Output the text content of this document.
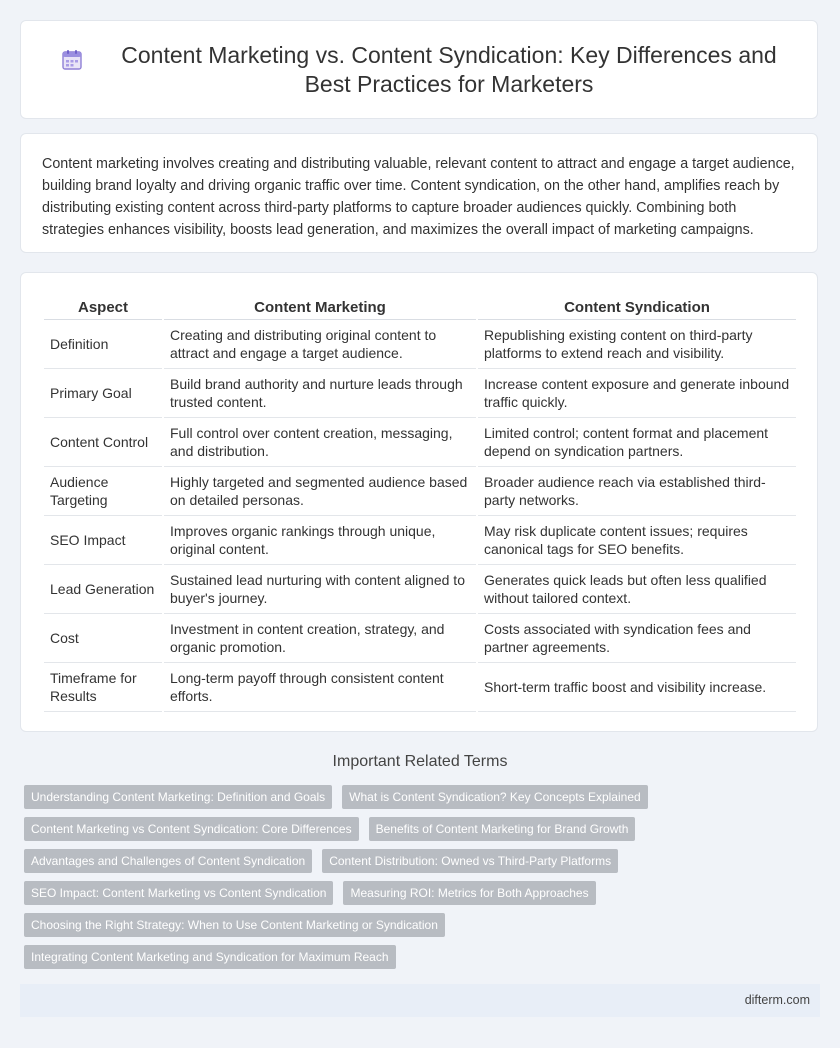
Content Marketing vs. Content Syndication: Key Differences and Best Practices for Marketers

Content marketing involves creating and distributing valuable, relevant content to attract and engage a target audience, building brand loyalty and driving organic traffic over time. Content syndication, on the other hand, amplifies reach by distributing existing content across third-party platforms to capture broader audiences quickly. Combining both strategies enhances visibility, boosts lead generation, and maximizes the overall impact of marketing campaigns.

Aspect	Content Marketing	Content Syndication
Definition	Creating and distributing original content to attract and engage a target audience.	Republishing existing content on third-party platforms to extend reach and visibility.
Primary Goal	Build brand authority and nurture leads through trusted content.	Increase content exposure and generate inbound traffic quickly.
Content Control	Full control over content creation, messaging, and distribution.	Limited control; content format and placement depend on syndication partners.
Audience Targeting	Highly targeted and segmented audience based on detailed personas.	Broader audience reach via established third-party networks.
SEO Impact	Improves organic rankings through unique, original content.	May risk duplicate content issues; requires canonical tags for SEO benefits.
Lead Generation	Sustained lead nurturing with content aligned to buyer's journey.	Generates quick leads but often less qualified without tailored context.
Cost	Investment in content creation, strategy, and organic promotion.	Costs associated with syndication fees and partner agreements.
Timeframe for Results	Long-term payoff through consistent content efforts.	Short-term traffic boost and visibility increase.
Important Related Terms
Understanding Content Marketing: Definition and Goals	What is Content Syndication? Key Concepts Explained
Content Marketing vs Content Syndication: Core Differences	Benefits of Content Marketing for Brand Growth
Advantages and Challenges of Content Syndication	Content Distribution: Owned vs Third-Party Platforms
SEO Impact: Content Marketing vs Content Syndication	Measuring ROI: Metrics for Both Approaches
Choosing the Right Strategy: When to Use Content Marketing or Syndication
Integrating Content Marketing and Syndication for Maximum Reach
difterm.com
